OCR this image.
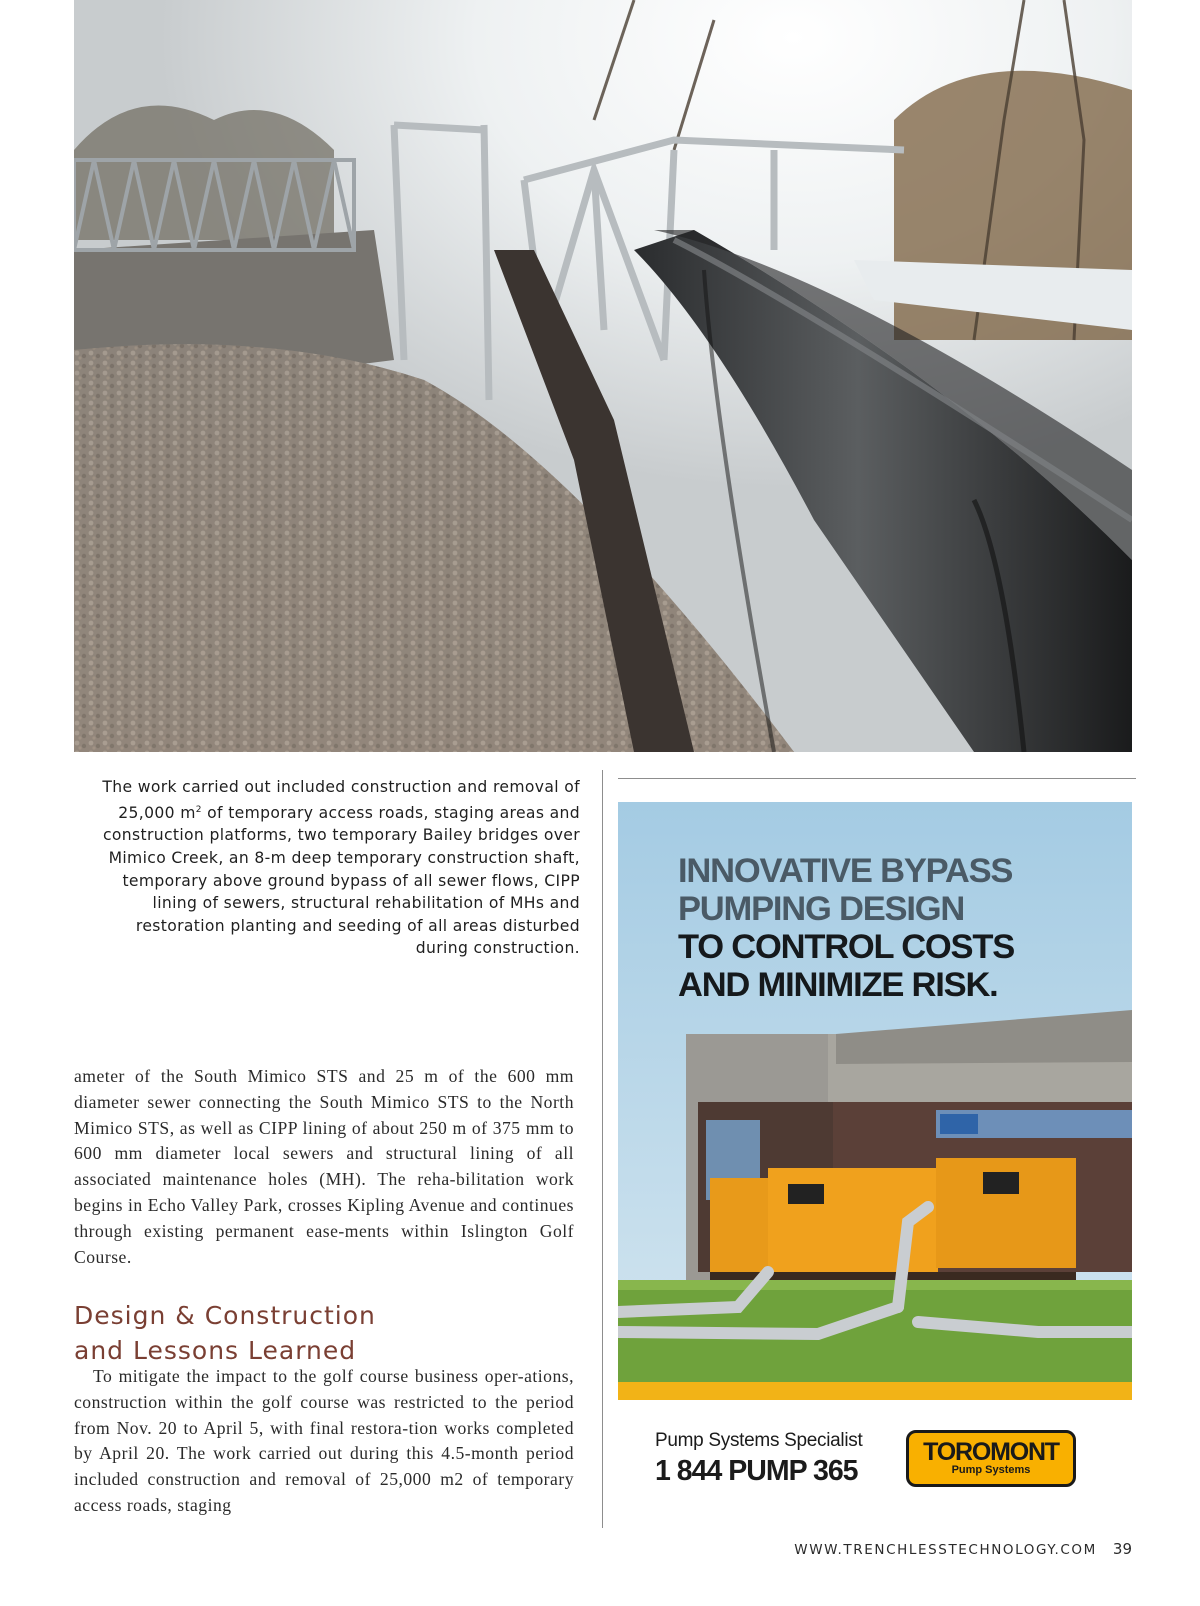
The work carried out included construction and removal of 25,000 $m^2$ of temporary access roads, staging areas and construction platforms, two temporary Bailey bridges over Mimico Creek, an 8-m deep temporary construction shaft, temporary above ground bypass of all sewer flows, CIPP lining of sewers, structural rehabilitation of MHs and restoration planting and seeding of all areas disturbed during construction.

ameter of the South Mimico STS and 25 m of the 600 mm diameter sewer connecting the South Mimico STS to the North Mimico STS, as well as CIPP lining of about 250 m of 375 mm to 600 mm diameter local sewers and structural lining of all associated maintenance holes (MH). The reha-bilitation work begins in Echo Valley Park, crosses Kipling Avenue and continues through existing permanent ease-ments within Islington Golf Course.

Design & Construction
and Lessons Learned

To mitigate the impact to the golf course business oper-ations, construction within the golf course was restricted to the period from Nov. 20 to April 5, with final restora-tion works completed by April 20. The work carried out during this 4.5-month period included construction and removal of 25,000 m2 of temporary access roads, staging

INNOVATIVE BYPASS
PUMPING DESIGN
TO CONTROL COSTS
AND MINIMIZE RISK.
Pump Systems Specialist
1 844 PUMP 365
TOROMONT
Pump Systems
WWW.TRENCHLESSTECHNOLOGY.COM 39
